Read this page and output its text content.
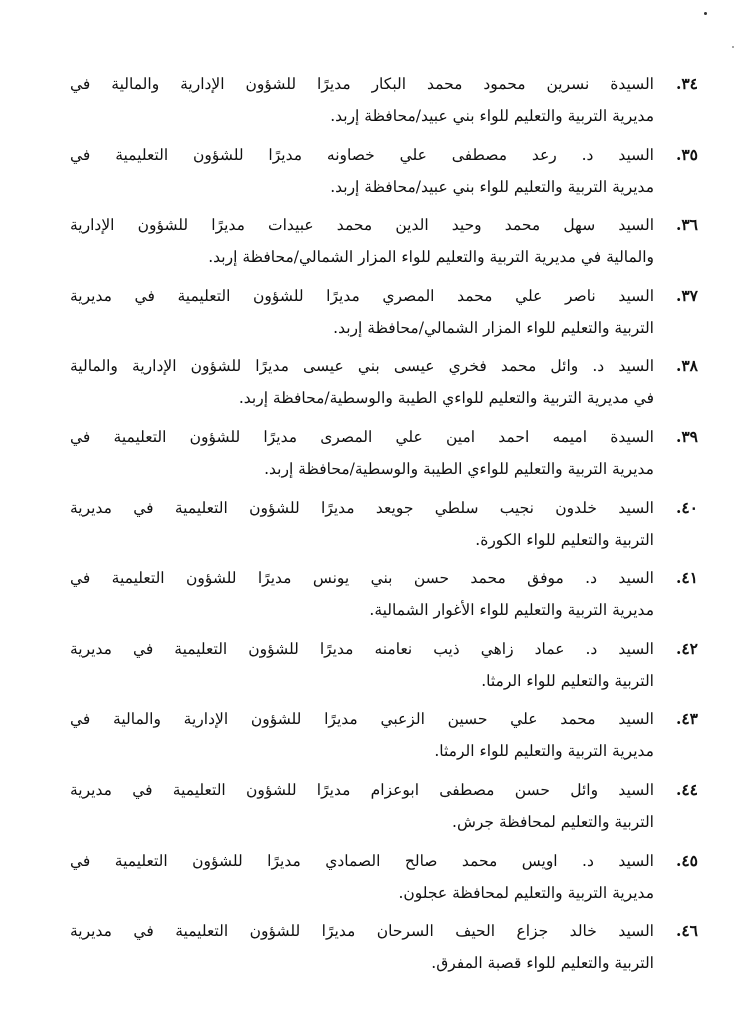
٣٤.
السيدة نسرين محمود محمد البكار مديرًا للشؤون الإدارية والمالية في
مديرية التربية والتعليم للواء بني عبيد/محافظة إربد.
٣٥.
السيد د. رعد مصطفى علي خصاونه مديرًا للشؤون التعليمية في
مديرية التربية والتعليم للواء بني عبيد/محافظة إربد.
٣٦.
السيد سهل محمد وحيد الدين محمد عبيدات مديرًا للشؤون الإدارية
والمالية في مديرية التربية والتعليم للواء المزار الشمالي/محافظة إربد.
٣٧.
السيد ناصر علي محمد المصري مديرًا للشؤون التعليمية في مديرية
التربية والتعليم للواء المزار الشمالي/محافظة إربد.
٣٨.
السيد د. وائل محمد فخري عيسى بني عيسى مديرًا للشؤون الإدارية والمالية
في مديرية التربية والتعليم للواءي الطيبة والوسطية/محافظة إربد.
٣٩.
السيدة اميمه احمد امين علي المصرى مديرًا للشؤون التعليمية في
مديرية التربية والتعليم للواءي الطيبة والوسطية/محافظة إربد.
٤٠.
السيد خلدون نجيب سلطي جويعد مديرًا للشؤون التعليمية في مديرية
التربية والتعليم للواء الكورة.
٤١.
السيد د. موفق محمد حسن بني يونس مديرًا للشؤون التعليمية في
مديرية التربية والتعليم للواء الأغوار الشمالية.
٤٢.
السيد د. عماد زاهي ذيب نعامنه مديرًا للشؤون التعليمية في مديرية
التربية والتعليم للواء الرمثا.
٤٣.
السيد محمد علي حسين الزعبي مديرًا للشؤون الإدارية والمالية في
مديرية التربية والتعليم للواء الرمثا.
٤٤.
السيد وائل حسن مصطفى ابوعزام مديرًا للشؤون التعليمية في مديرية
التربية والتعليم لمحافظة جرش.
٤٥.
السيد د. اويس محمد صالح الصمادي مديرًا للشؤون التعليمية في
مديرية التربية والتعليم لمحافظة عجلون.
٤٦.
السيد خالد جزاع الحيف السرحان مديرًا للشؤون التعليمية في مديرية
التربية والتعليم للواء قصبة المفرق.
